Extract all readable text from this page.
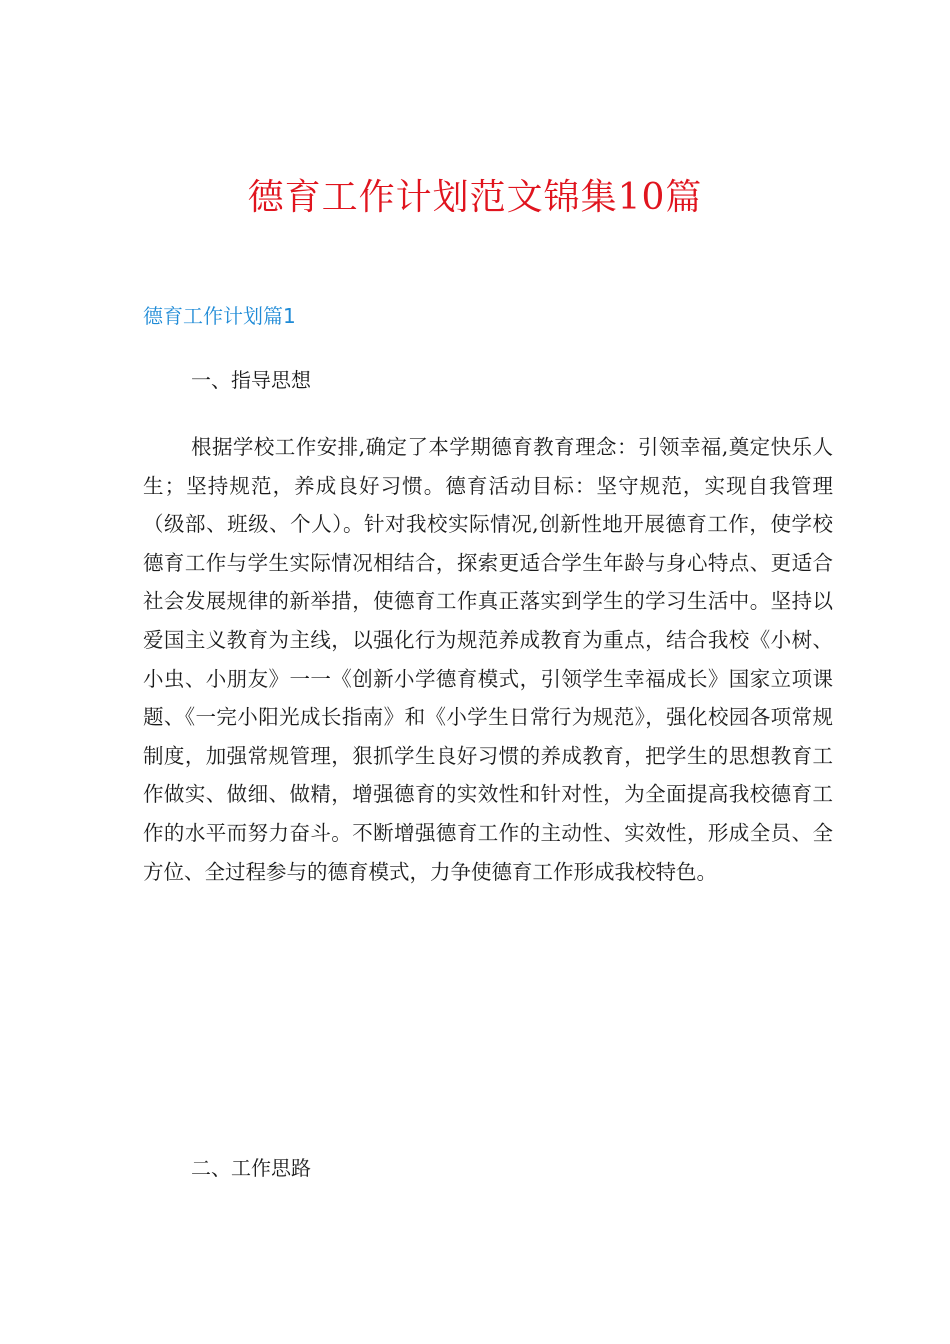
德育工作计划范文锦集10篇
德育工作计划篇1
一、指导思想

根据学校工作安排,确定了本学期德育教育理念：引领幸福,奠定快乐人生；坚持规范，养成良好习惯。德育活动目标：坚守规范，实现自我管理（级部、班级、个人）。针对我校实际情况,创新性地开展德育工作，使学校德育工作与学生实际情况相结合，探索更适合学生年龄与身心特点、更适合社会发展规律的新举措，使德育工作真正落实到学生的学习生活中。坚持以爱国主义教育为主线，以强化行为规范养成教育为重点，结合我校《小树、小虫、小朋友》一一《创新小学德育模式，引领学生幸福成长》国家立项课题、《一完小阳光成长指南》和《小学生日常行为规范》，强化校园各项常规制度，加强常规管理，狠抓学生良好习惯的养成教育，把学生的思想教育工作做实、做细、做精，增强德育的实效性和针对性，为全面提高我校德育工作的水平而努力奋斗。不断增强德育工作的主动性、实效性，形成全员、全方位、全过程参与的德育模式，力争使德育工作形成我校特色。

二、工作思路
